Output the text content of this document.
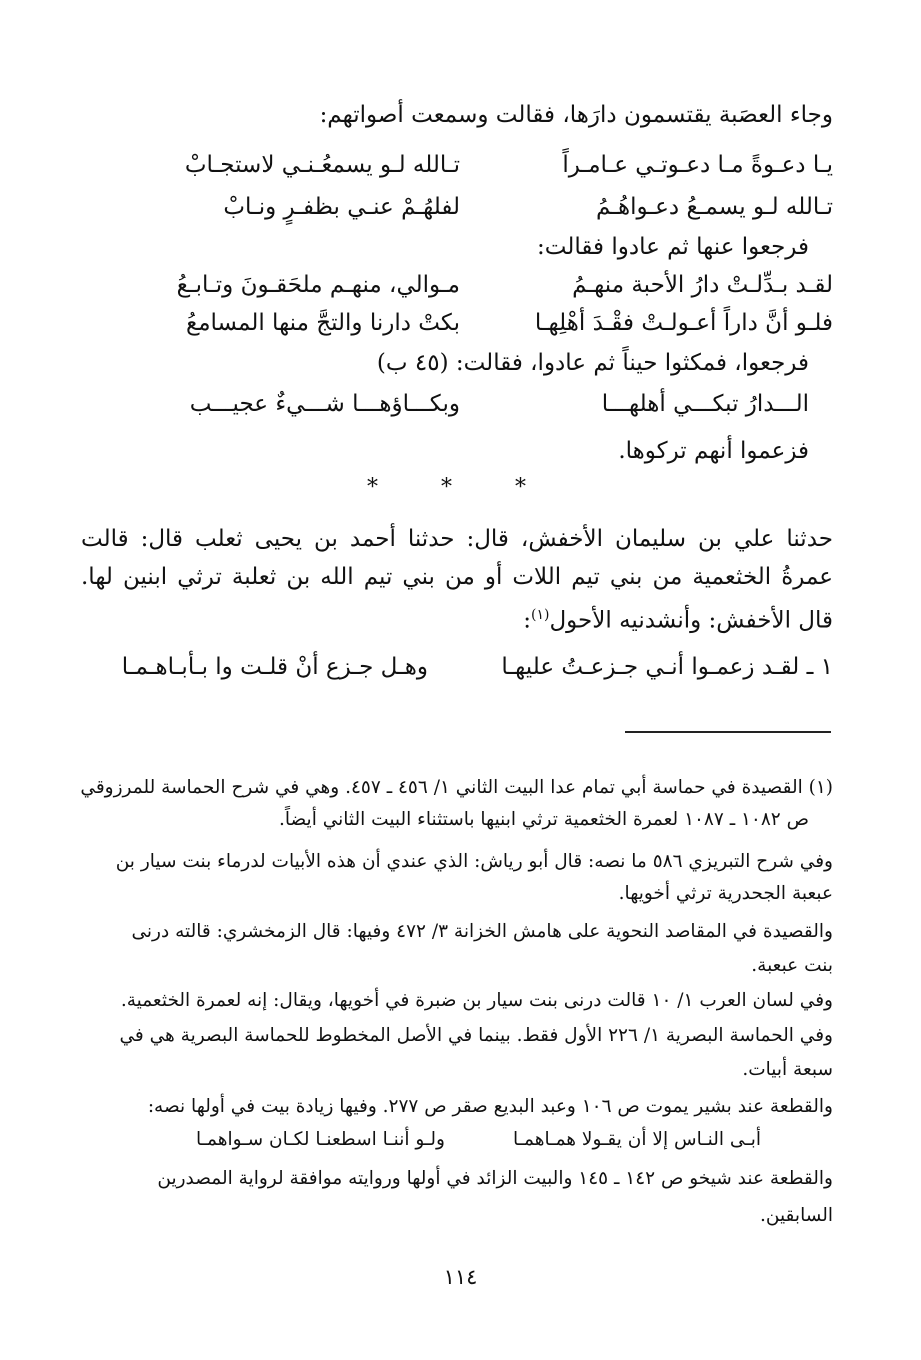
وجاء العصَبة يقتسمون دارَها، فقالت وسمعت أصواتهم:
يـا دعـوةً مـا دعـوتـي عـامـراً
تـالله لـو يسمعُـنـي لاستجـابْ
تـالله لـو يسمـعُ دعـواهُـمُ
لفلهُـمْ عنـي بظفـرٍ ونـابْ
فرجعوا عنها ثم عادوا فقالت:
لقـد بـدِّلـتْ دارُ الأحبة منهـمُ
مـوالي، منهـم ملحَقـونَ وتـابـعُ
فلـو أنَّ داراً أعـولـتْ فقْـدَ أهْلِهـا
بكتْ دارنا والتجَّ منها المسامعُ
فرجعوا، فمكثوا حيناً ثم عادوا، فقالت: (٤٥ ب)
الـــدارُ تبكـــي أهلهـــا
وبكـــاؤهـــا شـــيءٌ عجيـــب
فزعموا أنهم تركوها.
* * *
حدثنا علي بن سليمان الأخفش، قال: حدثنا أحمد بن يحيى ثعلب قال: قالت عمرةُ الخثعمية من بني تيم اللات أو من بني تيم الله بن ثعلبة ترثي ابنين لها. قال الأخفش: وأنشدنيه الأحول$^{(١)}$:
١ ـ لقـد زعمـوا أنـي جـزعـتُ عليهـا
وهـل جـزع أنْ قلـت وا بـأبـاهـمـا
(١) القصيدة في حماسة أبي تمام عدا البيت الثاني ١/ ٤٥٦ ـ ٤٥٧. وهي في شرح الحماسة للمرزوقي
ص ١٠٨٢ ـ ١٠٨٧ لعمرة الخثعمية ترثي ابنيها باستثناء البيت الثاني أيضاً.
وفي شرح التبريزي ٥٨٦ ما نصه: قال أبو رياش: الذي عندي أن هذه الأبيات لدرماء بنت سيار بن
عبعبة الجحدرية ترثي أخويها.
والقصيدة في المقاصد النحوية على هامش الخزانة ٣/ ٤٧٢ وفيها: قال الزمخشري: قالته درنى
بنت عبعبة.
وفي لسان العرب ١/ ١٠ قالت درنى بنت سيار بن ضبرة في أخويها، ويقال: إنه لعمرة الخثعمية.
وفي الحماسة البصرية ١/ ٢٢٦ الأول فقط. بينما في الأصل المخطوط للحماسة البصرية هي في
سبعة أبيات.
والقطعة عند بشير يموت ص ١٠٦ وعبد البديع صقر ص ٢٧٧. وفيها زيادة بيت في أولها نصه:
أبـى النـاس إلا أن يقـولا همـاهمـا
ولـو أننـا اسطعنـا لكـان سـواهمـا
والقطعة عند شيخو ص ١٤٢ ـ ١٤٥ والبيت الزائد في أولها وروايته موافقة لرواية المصدرين
السابقين.
١١٤
